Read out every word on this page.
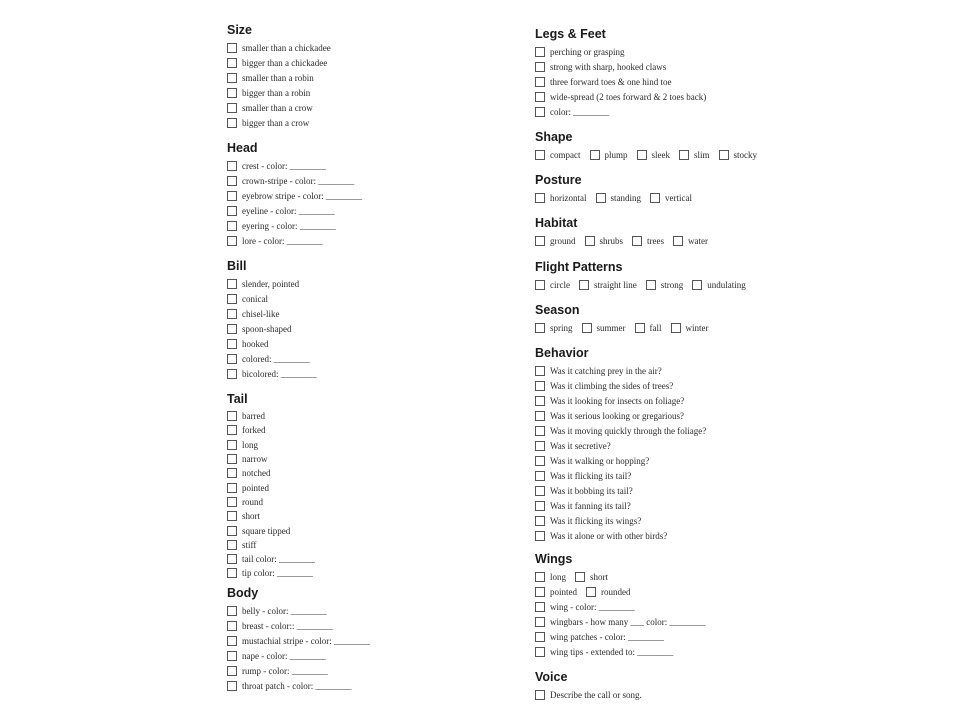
Size
smaller than a chickadee
bigger than a chickadee
smaller than a robin
bigger than a robin
smaller than a crow
bigger than a crow
Head
crest - color: ________
crown-stripe - color: ________
eyebrow stripe - color: ________
eyeline - color: ________
eyering - color: ________
lore - color: ________
Bill
slender, pointed
conical
chisel-like
spoon-shaped
hooked
colored: ________
bicolored: ________
Tail
barred
forked
long
narrow
notched
pointed
round
short
square tipped
stiff
tail color: ________
tip color: ________
Body
belly - color: ________
breast - color:: ________
mustachial stripe - color: ________
nape - color: ________
rump - color: ________
throat patch - color: ________
Legs & Feet
perching or grasping
strong with sharp, hooked claws
three forward toes & one hind toe
wide-spread (2 toes forward & 2 toes back)
color: ________
Shape
compact	plump	sleek	slim	stocky
Posture
horizontal	standing	vertical
Habitat
ground	shrubs	trees	water
Flight Patterns
circle	straight line	strong	undulating
Season
spring	summer	fall	winter
Behavior
Was it catching prey in the air?
Was it climbing the sides of trees?
Was it looking for insects on foliage?
Was it serious looking or gregarious?
Was it moving quickly through the foliage?
Was it secretive?
Was it walking or hopping?
Was it flicking its tail?
Was it bobbing its tail?
Was it fanning its tail?
Was it flicking its wings?
Was it alone or with other birds?
Wings
long	short
pointed	rounded
wing - color: ________
wingbars - how many ___ color: ________
wing patches - color: ________
wing tips - extended to: ________
Voice
Describe the call or song.
